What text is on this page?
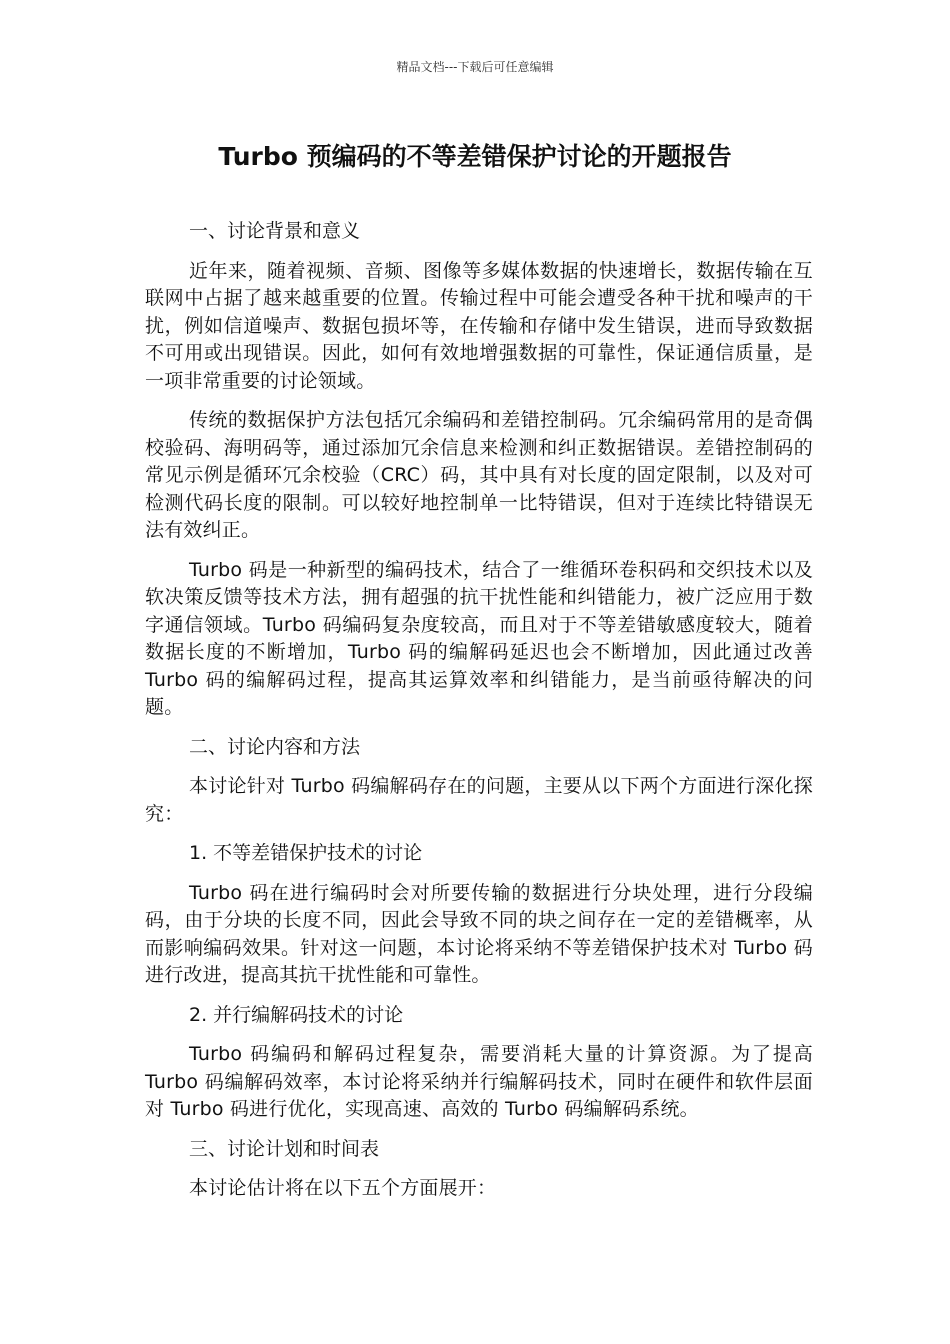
精品文档---下载后可任意编辑
Turbo 预编码的不等差错保护讨论的开题报告
一、讨论背景和意义

近年来，随着视频、音频、图像等多媒体数据的快速增长，数据传输在互联网中占据了越来越重要的位置。传输过程中可能会遭受各种干扰和噪声的干扰，例如信道噪声、数据包损坏等，在传输和存储中发生错误，进而导致数据不可用或出现错误。因此，如何有效地增强数据的可靠性，保证通信质量，是一项非常重要的讨论领域。

传统的数据保护方法包括冗余编码和差错控制码。冗余编码常用的是奇偶校验码、海明码等，通过添加冗余信息来检测和纠正数据错误。差错控制码的常见示例是循环冗余校验（CRC）码，其中具有对长度的固定限制，以及对可检测代码长度的限制。可以较好地控制单一比特错误，但对于连续比特错误无法有效纠正。

Turbo 码是一种新型的编码技术，结合了一维循环卷积码和交织技术以及软决策反馈等技术方法，拥有超强的抗干扰性能和纠错能力，被广泛应用于数字通信领域。Turbo 码编码复杂度较高，而且对于不等差错敏感度较大，随着数据长度的不断增加，Turbo 码的编解码延迟也会不断增加，因此通过改善 Turbo 码的编解码过程，提高其运算效率和纠错能力，是当前亟待解决的问题。

二、讨论内容和方法

本讨论针对 Turbo 码编解码存在的问题，主要从以下两个方面进行深化探究：

1. 不等差错保护技术的讨论

Turbo 码在进行编码时会对所要传输的数据进行分块处理，进行分段编码，由于分块的长度不同，因此会导致不同的块之间存在一定的差错概率，从而影响编码效果。针对这一问题，本讨论将采纳不等差错保护技术对 Turbo 码进行改进，提高其抗干扰性能和可靠性。

2. 并行编解码技术的讨论

Turbo 码编码和解码过程复杂，需要消耗大量的计算资源。为了提高 Turbo 码编解码效率，本讨论将采纳并行编解码技术，同时在硬件和软件层面对 Turbo 码进行优化，实现高速、高效的 Turbo 码编解码系统。

三、讨论计划和时间表

本讨论估计将在以下五个方面展开：
